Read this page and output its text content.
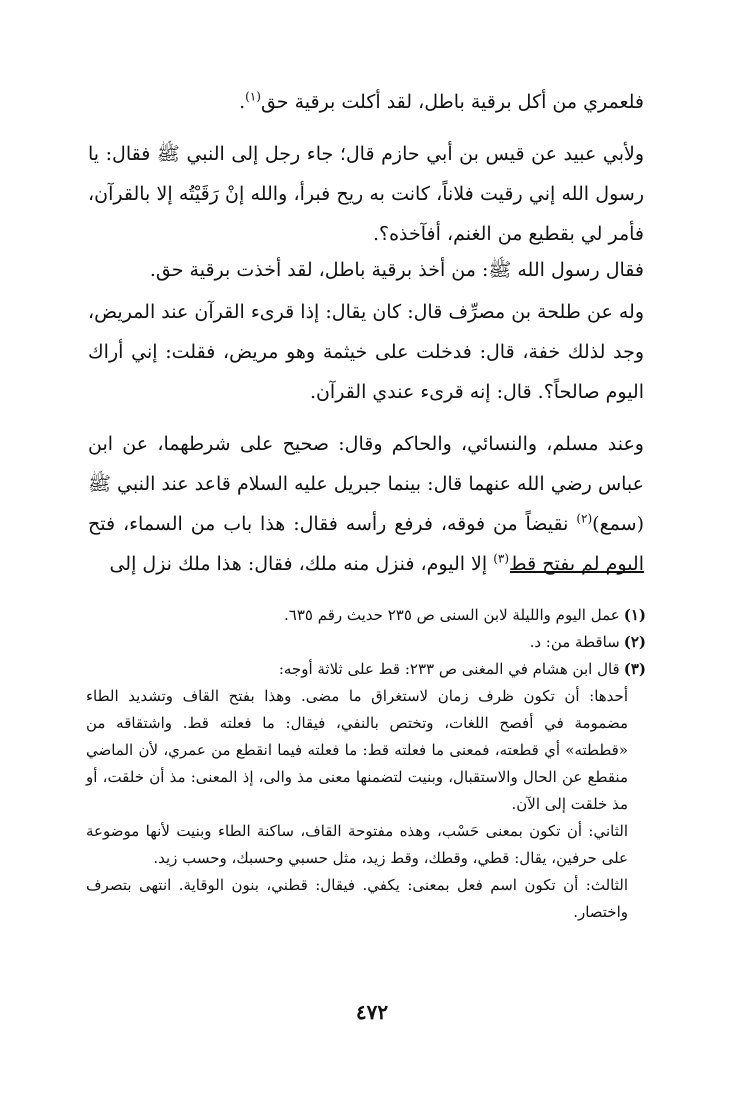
فلعمري من أكل برقية باطل، لقد أكلت برقية حق$^{(١)}$.

ولأبي عبيد عن قيس بن أبي حازم قال؛ جاء رجل إلى النبي ﷺ فقال: يا رسول الله إني رقيت فلاناً، كانت به ريح فبرأ، والله إنْ رَقَيْتُه إلا بالقرآن، فأمر لي بقطيع من الغنم، أفآخذه؟.

فقال رسول الله ﷺ: من أخذ برقية باطل، لقد أخذت برقية حق.

وله عن طلحة بن مصرِّف قال: كان يقال: إذا قرىء القرآن عند المريض، وجد لذلك خفة، قال: فدخلت على خيثمة وهو مريض، فقلت: إني أراك اليوم صالحاً؟. قال: إنه قرىء عندي القرآن.

وعند مسلم، والنسائي، والحاكم وقال: صحيح على شرطهما، عن ابن عباس رضي الله عنهما قال: بينما جبريل عليه السلام قاعد عند النبي ﷺ (سمع)$^{(٢)}$ نقيضاً من فوقه، فرفع رأسه فقال: هذا باب من السماء، فتح اليوم لم يفتح قط$^{(٣)}$ إلا اليوم، فنزل منه ملك، فقال: هذا ملك نزل إلى

(١)عمل اليوم والليلة لابن السنى ص ٢٣٥ حديث رقم ٦٣٥.
(٢)ساقطة من: د.
(٣)قال ابن هشام في المغنى ص ٢٣٣: قط على ثلاثة أوجه:
أحدها: أن تكون ظرف زمان لاستغراق ما مضى. وهذا بفتح القاف وتشديد الطاء مضمومة في أفصح اللغات، وتختص بالنفي، فيقال: ما فعلته قط. واشتقاقه من «قططته» أي قطعته، فمعنى ما فعلته قط: ما فعلته فيما انقطع من عمري، لأن الماضي منقطع عن الحال والاستقبال، وبنيت لتضمنها معنى مذ والى، إذ المعنى: مذ أن خلقت، أو مذ خلقت إلى الآن.
الثاني: أن تكون بمعنى حَسْب، وهذه مفتوحة القاف، ساكنة الطاء وبنيت لأنها موضوعة على حرفين، يقال: قطي، وقطك، وقط زيد، مثل حسبي وحسبك، وحسب زيد.
الثالث: أن تكون اسم فعل بمعنى: يكفي. فيقال: قطني، بنون الوقاية. انتهى بتصرف واختصار.
٤٧٢
